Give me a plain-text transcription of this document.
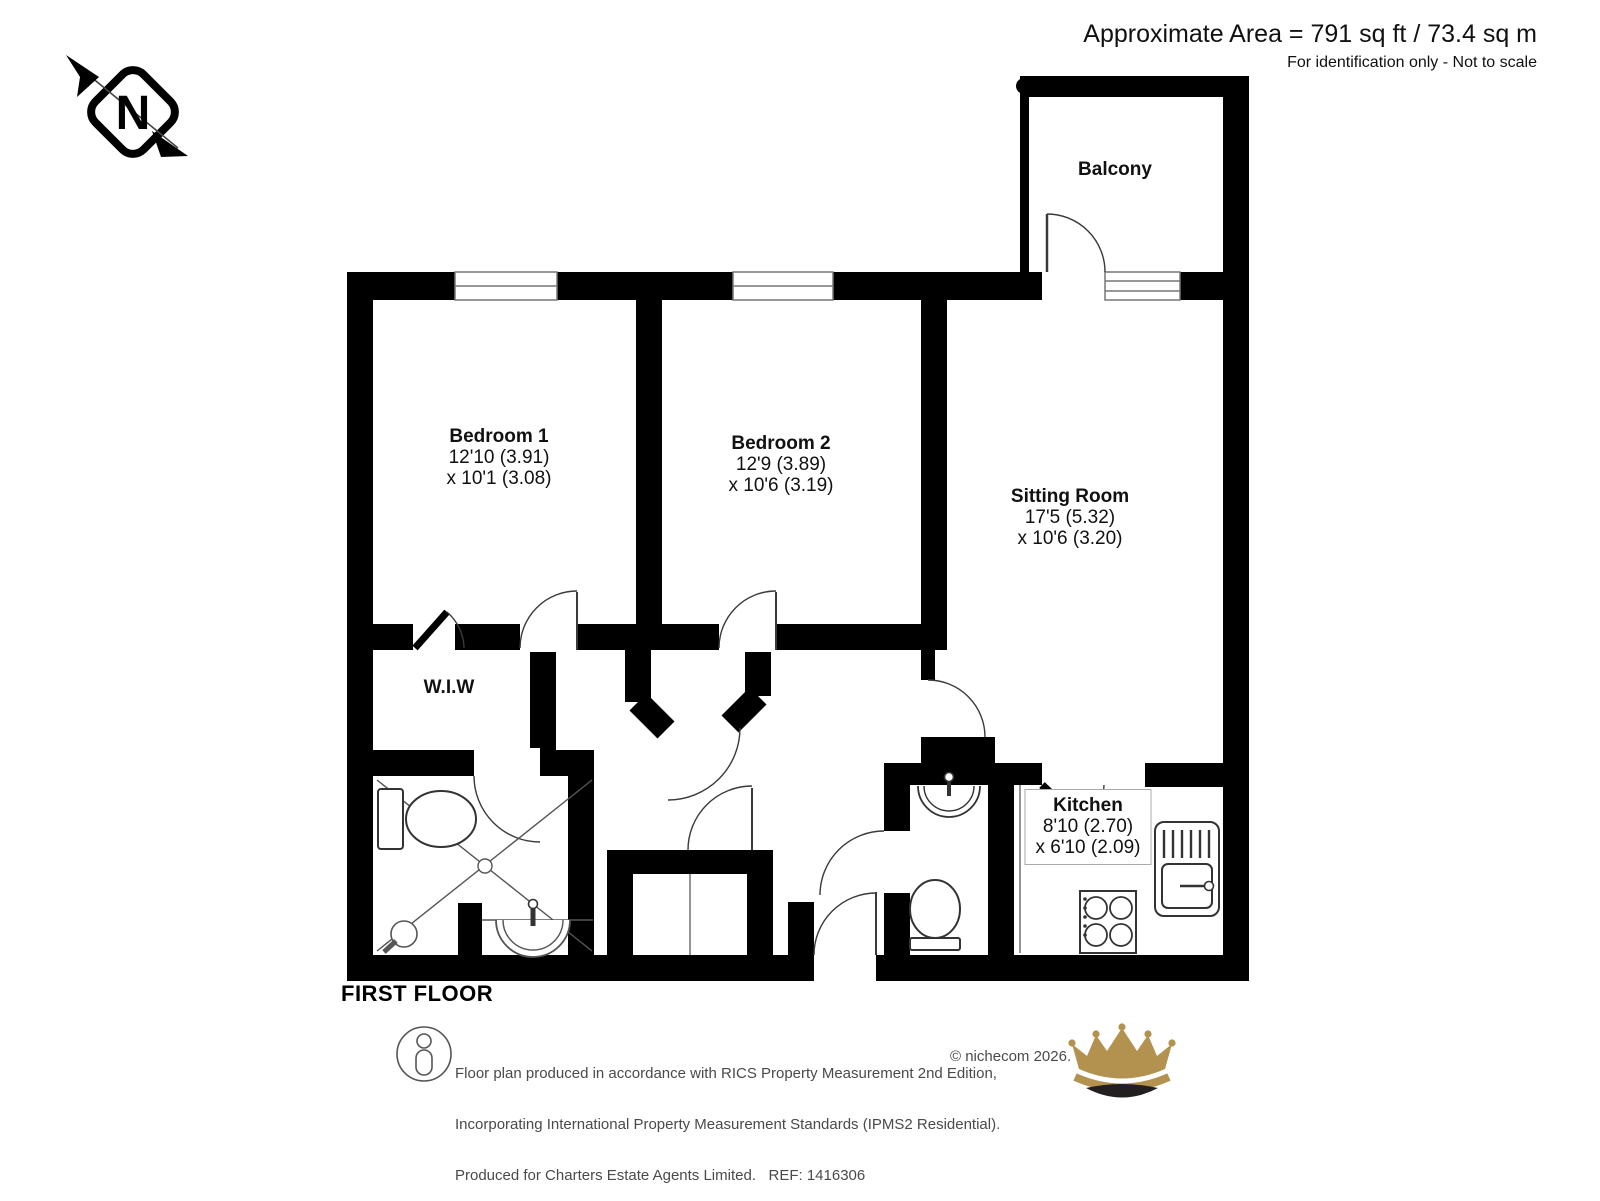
N
Approximate Area = 791 sq ft / 73.4 sq m
For identification only - Not to scale
Balcony
Bedroom 1
12'10 (3.91)
x 10'1 (3.08)
Bedroom 2
12'9 (3.89)
x 10'6 (3.19)
Sitting Room
17'5 (5.32)
x 10'6 (3.20)
W.I.W
Kitchen
8'10 (2.70)
x 6'10 (2.09)
FIRST FLOOR

Floor plan produced in accordance with RICS Property Measurement 2nd Edition,

Incorporating International Property Measurement Standards (IPMS2 Residential).

Produced for Charters Estate Agents Limited.   REF: 1416306

© nichecom 2026.
